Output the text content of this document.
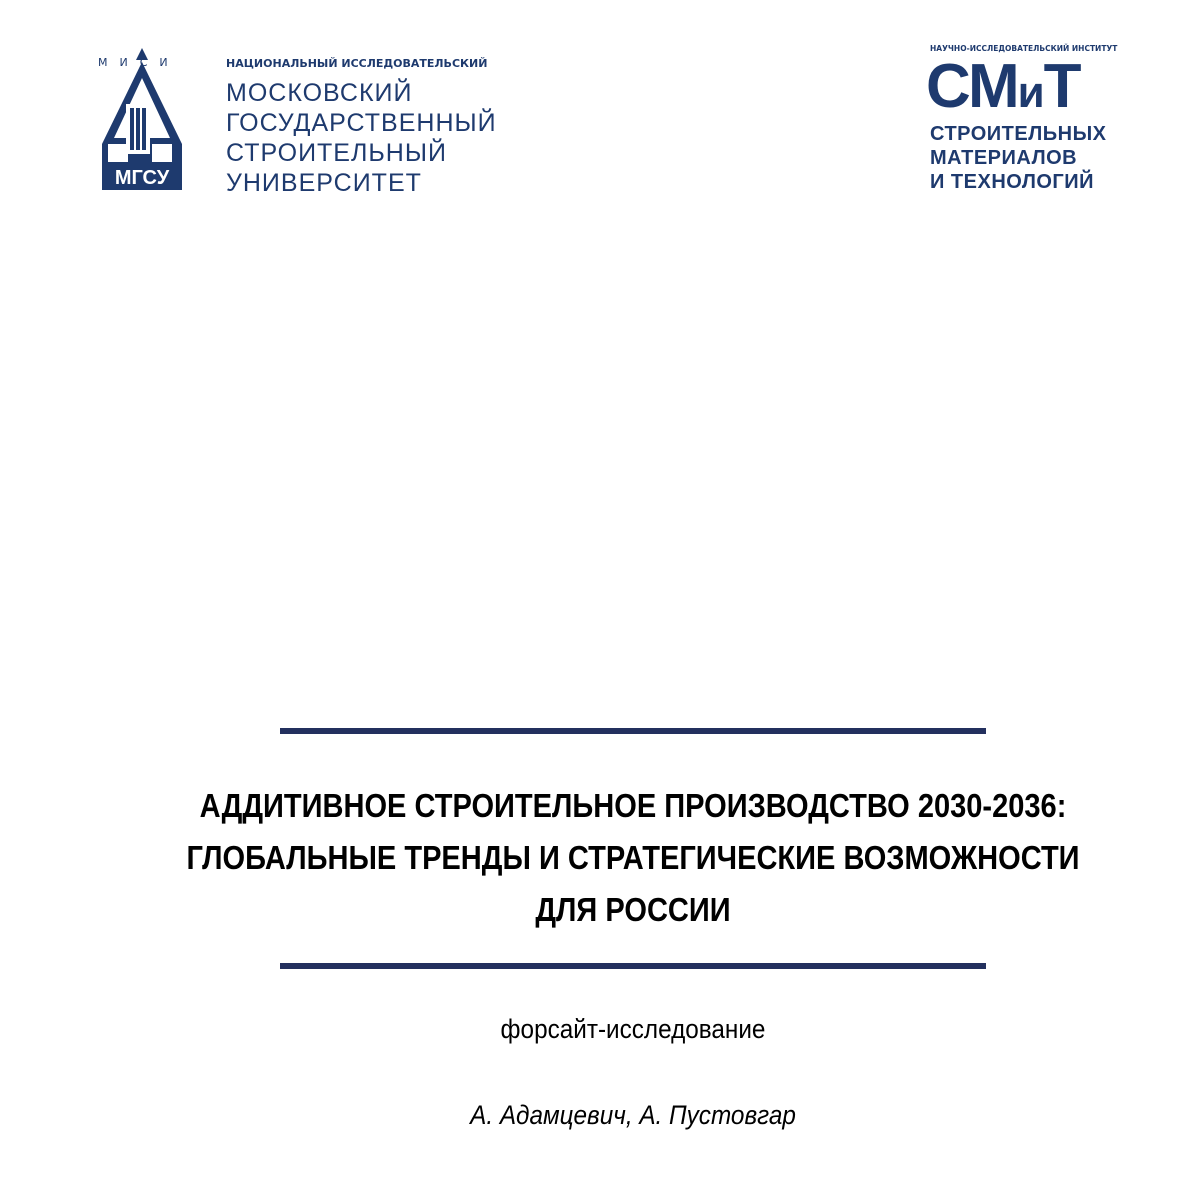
МИСИ
МГСУ
НАЦИОНАЛЬНЫЙ ИССЛЕДОВАТЕЛЬСКИЙ
МОСКОВСКИЙ
ГОСУДАРСТВЕННЫЙ
СТРОИТЕЛЬНЫЙ
УНИВЕРСИТЕТ
НАУЧНО-ИССЛЕДОВАТЕЛЬСКИЙ ИНСТИТУТ
СМиТ
СТРОИТЕЛЬНЫХ
МАТЕРИАЛОВ
И ТЕХНОЛОГИЙ
АДДИТИВНОЕ СТРОИТЕЛЬНОЕ ПРОИЗВОДСТВО 2030-2036:
ГЛОБАЛЬНЫЕ ТРЕНДЫ И СТРАТЕГИЧЕСКИЕ ВОЗМОЖНОСТИ
ДЛЯ РОССИИ
форсайт-исследование
А. Адамцевич, А. Пустовгар
